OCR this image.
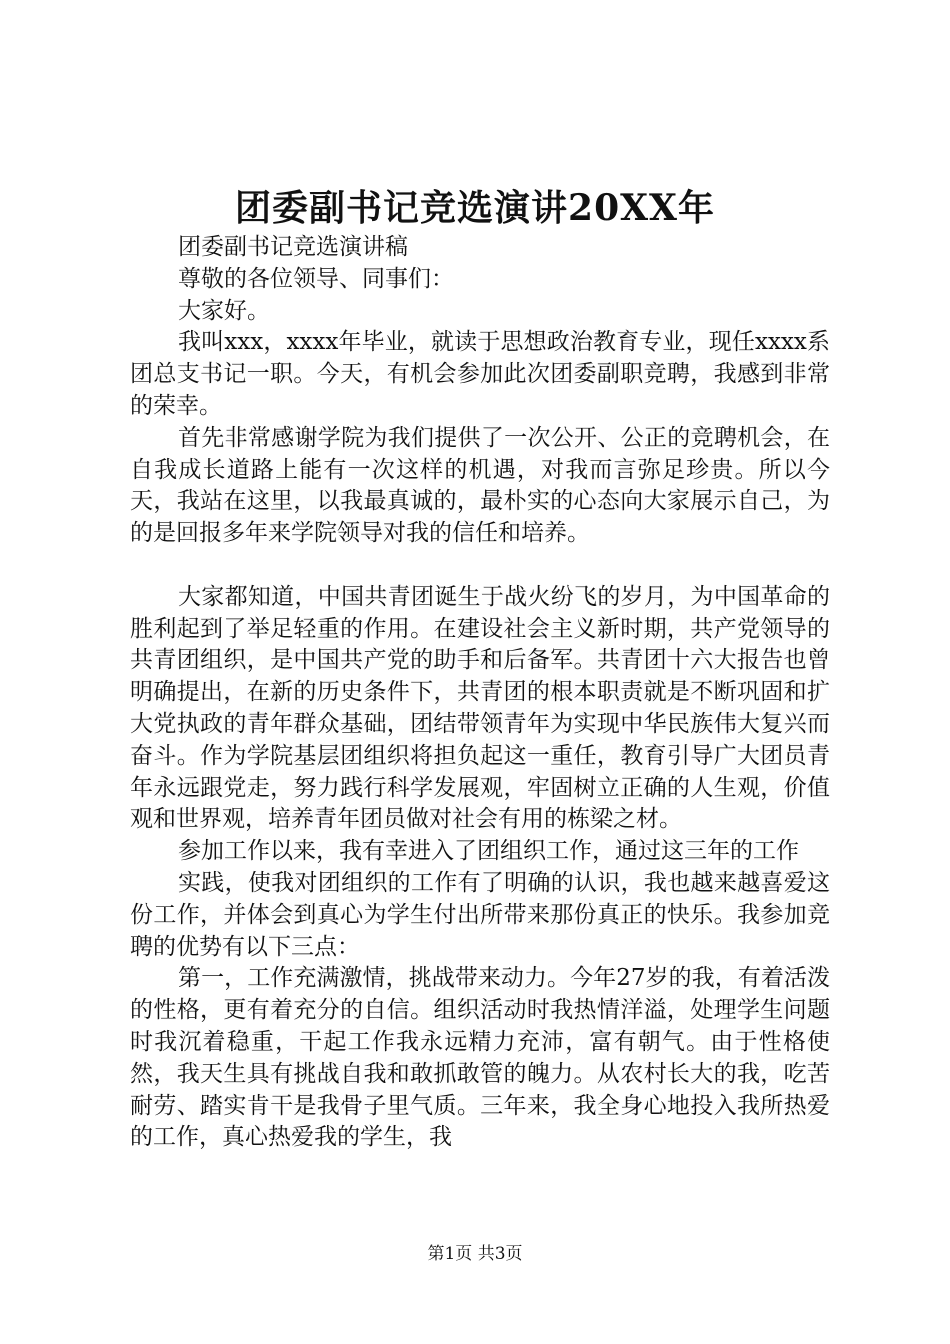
团委副书记竞选演讲20XX年

团委副书记竞选演讲稿

尊敬的各位领导、同事们：

大家好。

我叫xxx，xxxx年毕业，就读于思想政治教育专业，现任xxxx系团总支书记一职。今天，有机会参加此次团委副职竞聘，我感到非常的荣幸。

首先非常感谢学院为我们提供了一次公开、公正的竞聘机会，在自我成长道路上能有一次这样的机遇，对我而言弥足珍贵。所以今天，我站在这里，以我最真诚的，最朴实的心态向大家展示自己，为的是回报多年来学院领导对我的信任和培养。

大家都知道，中国共青团诞生于战火纷飞的岁月，为中国革命的胜利起到了举足轻重的作用。在建设社会主义新时期，共产党领导的共青团组织，是中国共产党的助手和后备军。共青团十六大报告也曾明确提出，在新的历史条件下，共青团的根本职责就是不断巩固和扩大党执政的青年群众基础，团结带领青年为实现中华民族伟大复兴而奋斗。作为学院基层团组织将担负起这一重任，教育引导广大团员青年永远跟党走，努力践行科学发展观，牢固树立正确的人生观，价值观和世界观，培养青年团员做对社会有用的栋梁之材。

参加工作以来，我有幸进入了团组织工作，通过这三年的工作

实践，使我对团组织的工作有了明确的认识，我也越来越喜爱这份工作，并体会到真心为学生付出所带来那份真正的快乐。我参加竞聘的优势有以下三点：

第一，工作充满激情，挑战带来动力。今年27岁的我，有着活泼的性格，更有着充分的自信。组织活动时我热情洋溢，处理学生问题时我沉着稳重，干起工作我永远精力充沛，富有朝气。由于性格使然，我天生具有挑战自我和敢抓敢管的魄力。从农村长大的我，吃苦耐劳、踏实肯干是我骨子里气质。三年来，我全身心地投入我所热爱的工作，真心热爱我的学生，我

第1页 共3页
